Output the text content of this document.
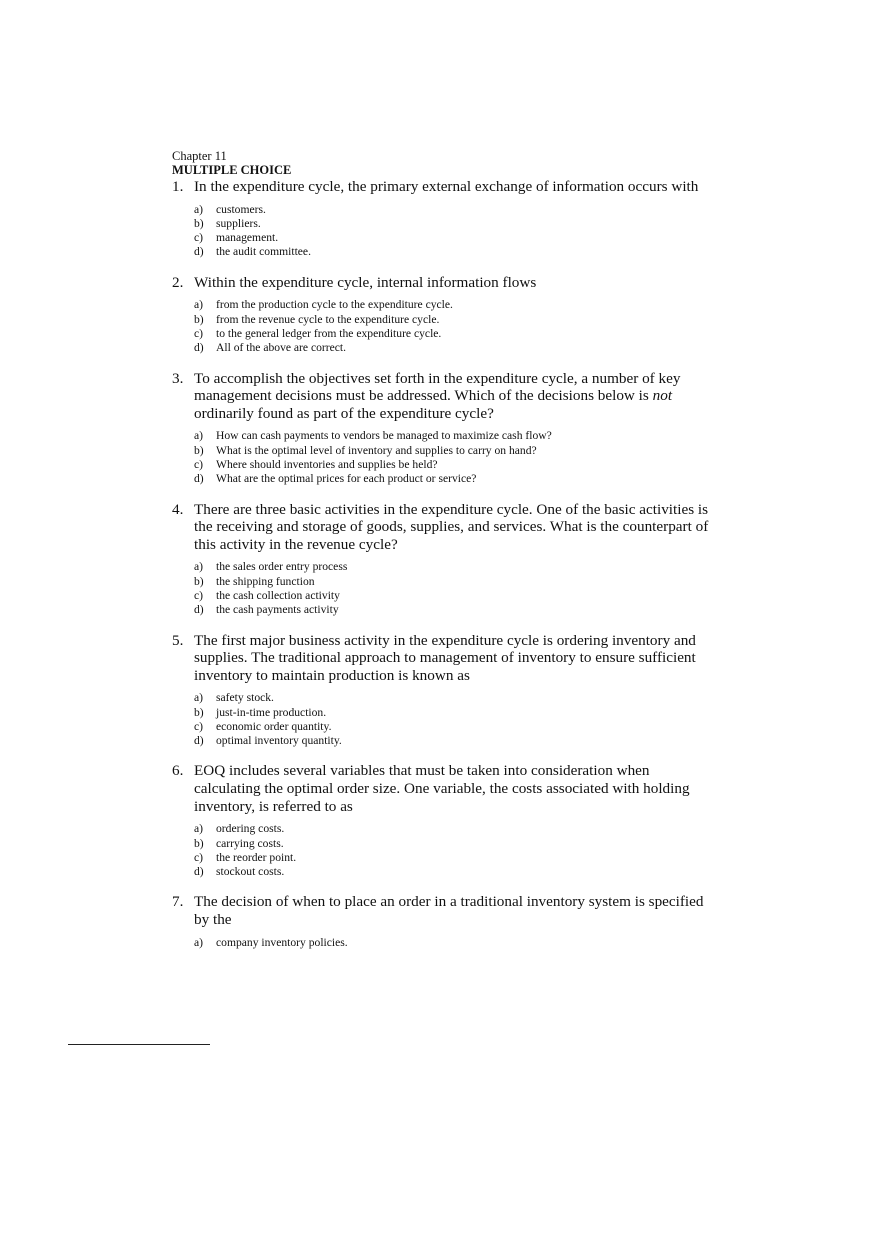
Chapter 11
MULTIPLE CHOICE
1. In the expenditure cycle, the primary external exchange of information occurs with
a)	customers.
b)	suppliers.
c)	management.
d)	the audit committee.
2. Within the expenditure cycle, internal information flows
a)	from the production cycle to the expenditure cycle.
b)	from the revenue cycle to the expenditure cycle.
c)	to the general ledger from the expenditure cycle.
d)	All of the above are correct.
3. To accomplish the objectives set forth in the expenditure cycle, a number of key management decisions must be addressed. Which of the decisions below is not ordinarily found as part of the expenditure cycle?
a)	How can cash payments to vendors be managed to maximize cash flow?
b)	What is the optimal level of inventory and supplies to carry on hand?
c)	Where should inventories and supplies be held?
d)	What are the optimal prices for each product or service?
4. There are three basic activities in the expenditure cycle. One of the basic activities is the receiving and storage of goods, supplies, and services. What is the counterpart of this activity in the revenue cycle?
a)	the sales order entry process
b)	the shipping function
c)	the cash collection activity
d)	the cash payments activity
5. The first major business activity in the expenditure cycle is ordering inventory and supplies. The traditional approach to management of inventory to ensure sufficient inventory to maintain production is known as
a)	safety stock.
b)	just-in-time production.
c)	economic order quantity.
d)	optimal inventory quantity.
6. EOQ includes several variables that must be taken into consideration when calculating the optimal order size. One variable, the costs associated with holding inventory, is referred to as
a)	ordering costs.
b)	carrying costs.
c)	the reorder point.
d)	stockout costs.
7. The decision of when to place an order in a traditional inventory system is specified by the
a)	company inventory policies.
